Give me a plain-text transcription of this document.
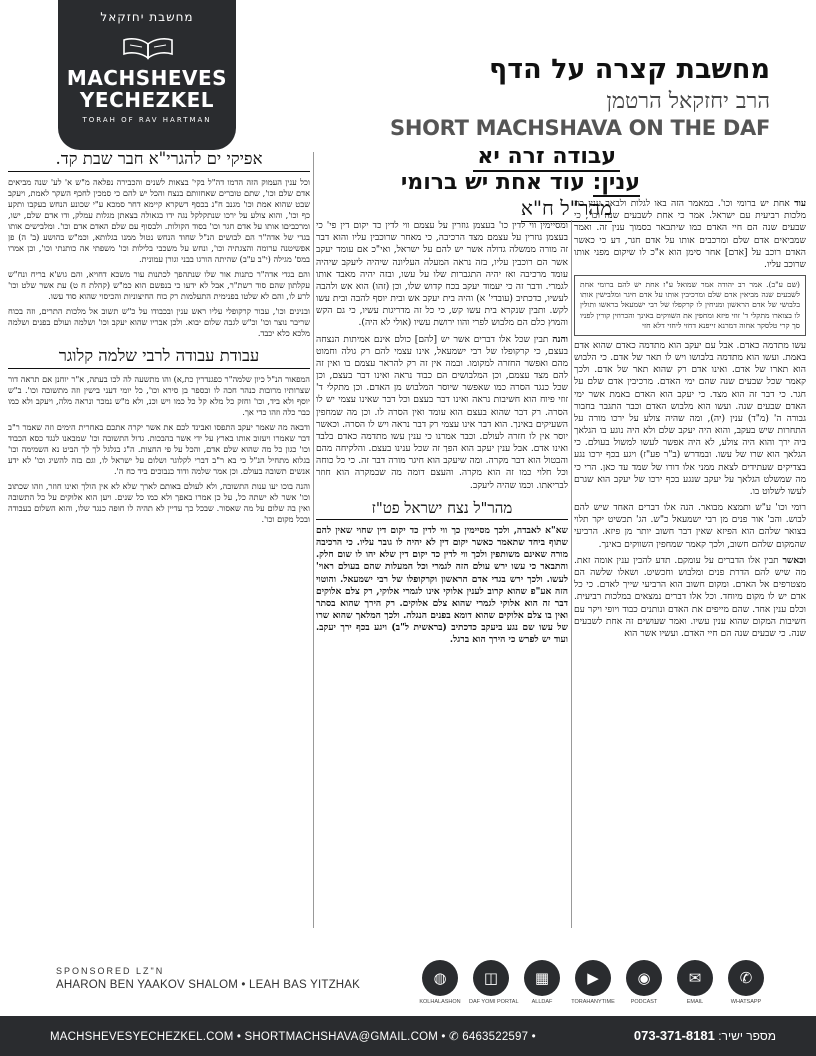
מחשבת יחזקאל
MACHSHEVES
YECHEZKEL
TORAH OF RAV HARTMAN
מחשבת קצרה על הדף
הרב יחזקאל הרטמן
SHORT MACHSHAVA ON THE DAF
עבודה זרה יא
ענין: עוד אחת יש ברומי
מהר"ל ח"א	עוד אחת יש ברומי וכו'. במאמר הזה באו לגלות ולבאר ענין כח מלכות רביעית עם ישראל. אמר כי אחת לשבעים שנה וכו', כי שבעים שנה הם חיי האדם כמו שיתבאר בסמוך ענין זה. ואמר שמביאים אדם שלם ומרכבים אותו על אדם חגר, דע כי כאשר האדם רוכב על [אדם] אחר סימן הוא א"כ לו שיקום מפני אותו שרוכב עליו.

(שם ע"ב). אמר רב יהודה אמר שמואל ע"ז אחת יש להם ברומי אחת לשבעים שנה מביאין אדם שלם ומרכיבין אותו על אדם חיגר ומלבישין אותו בלבושי של אדם הראשון ומניחין לו קרקפלו של רבי ישמעאל בראשו ותולין לו בצוארו מתקלי ד' זוזי פיזא ומחפין את השווקים באינך והכרוזין קורין לפניו סך קרי טלסקר אחוה דמרנא זייפנא דחזי ליחזי דלא חזי

עשו מתדמה כאדם. אבל עם יעקב הוא מתדמה כאדם שהוא אדם באמת. ועשו הוא מתדמה בלבושו ויש לו תאר של אדם. כי הלבוש הוא תארו של אדם. ואינו אדם רק שהוא תאר של אדם. ולכך קאמר שכל שבעים שנה שהם ימי האדם. מרכיבין אדם שלם על חגר. כי דבר זה הוא מצד. כי יעקב הוא האדם באמת אשר ימי האדם שבעים שנה. ועשו הוא מלבוש האדם וכבר התגבר בחבור גבורה ה' (מ"ד) ענין (יה), ומה שהיה צולע על ירכו מורה על התחרות שיש בעקב, והוא היה יעקב שלם ולא היה נוגע בו הגלאך ביה ירך והוא היה צולע, לא היה אפשר לעשו למשול בעולם. כי הגלאך הוא שרו של עשו. ובמדרש (ב"ר פע"ז) ויגע בכף ירכו נגע בצדיקים שעתידים לצאת ממני אלו דורו של שמד עד כאן. הרי כי מה שמשלט הגלאך על יעקב שנגע בכף ירכו של יעקב הוא שגרם לעשו לשלוט בו.

רומי וכו' ע"ש ותמצא מבואר. הנה אלו דברים האחד שיש להם לבוש. והב' אור פנים מן רבי ישמעאל כ"ש. הג' תכשיט יקר תלוי בצואר שלהם הוא הפיזא שאין דבר חשוב יותר מן פיזא. הרביעי שהמקום שלהם חשוב, ולכך קאמר שמחפין השווקים באינך.

וכאשר תבין אלו הדברים על עומקם. תדע להבין ענין אומה זאת. מה שיש להם הדרת פנים ומלבוש וחכשיט. ושאלו שלשה הם מצטרפים אל האדם. ומקום חשוב הוא הרביעי שייך לאדם. כי כל אדם יש לו מקום מיוחד. וכל אלו דברים נמצאים במלכות רביעית. וכלם ענין אחד. שהם מייפים את האדם ונותנים כבוד ויופי ויקר עם חשיבות המקום שהוא ענין עשיו. ואמר שעושים זה אחת לשבעים שנה. כי שבעים שנה הם חיי האדם. ועשיו אשר הוא

ומסיימין ווי לדין כו' בעצמן גוזרין על עצמם ווי לדין כד יקום דין פי' כי בעצמן גוזרין על עצמם מצד הרכיבה, כי מאחר שרוכבין עליו והוא דבר זה מורה ממשלה גדולה אשר יש להם על ישראל, ואי"כ אם עומד יעקב אשר הם רוכבין עליו, בזה נראה המעלה העליונה שיהיה ליעקב שיהיה עומד מרכיבה ואז יהיה התגברות שלו על עשו, ובזה יהיה מאבד אותו לגמרי. ודבר זה כי יעמוד יעקב בכח קדוש שלו, וכן (זהו) הוא אש ולהבה לעשיו, כדכתיב (עובדי' א) והיה בית יעקב אש ובית יוסף להבה ובית עשו לקש. ותבין שנקרא בית עשו קש, כי כל זה מדריגות עשיו, כי גם הקש והמוץ כלם הם מלבוש לפרי והוו ירושת עשיו (אולי לא היה).

והנה תבין שכל אלו דברים אשר יש [להם] כולם אינם אמיתות הנצחה בעצם, כי קרקופלו של רבי ישמעאל, אינו עצמי להם רק גולה וחמוט מהם ואפשר החזרה למקומו. ובמה אין זה רק להראר עצמם בו ואין זה להם מצד עצמם, וכן המלבושים הם כבוד נראה ואינו דבר בעצם, וכן שכל כנגד הסרה כמו שאפשר שיוסר המלבוש מן האדם. וכן מתקלי ד' זוזי פיוח הוא חשיבות נראה ואינו דבר בעצם וכל דבר שאינו עצמי יש לו הסרה. רק דבר שהוא בעצם הוא עומד ואין הסרה לו. וכן מה שמחפין השעיקים באינך. הוא דבר אינו עצמי רק דבר נראה ויש לו הסרה. וכאשר יוסר אין לו חזרה לעולם. וכבר אמרנו כי ענין עשו מתדמה כאדם בלבד ואינו אדם. אבל ענין יעקב הוא הפך זה שכל ענינו בעצם. והלקיחה מהם והבטול הוא דבר מקרה. ומה שיעקב הוא חיגר מורה דבר זה. כי כל כוחה וכל חלוי כמו זה הוא מקרה. והעצם דומה מה שבמקרה הוא חוזר לבריאתו. וכמו שהיה ליעקב.

מהר"ל נצח ישראל פט"ז

שא"א לאבדה, ולכך מסיימין כך ווי לדין כד יקום דין שחוי שאין להם שתוף ביחד שתאמר כאשר יקום דין לא יהיה לו גובר עליו. כי הרכיבה מורה שאינם משותפין ולכך ווי לדין כד יקום דין שלא יהו לו שום חלק. והתבאר כי עשו ירש עולם הזה לגמרי וכל המעלות שהם בעולם ראוי' לעשו. ולכך ירש בגדי אדם הראשון וקרקופלו של רבי ישמעאל. והוטוי הזה אע"פ שהוא קרוב לענין אלוקי אינו לגמרי אלוקי, רק צלם אלוקים דבר זה הוא אלוקי לגמרי שהוא צלם אלוקים. רק הירך שהוא בסתר ואין בו צלם אלוקים שהוא דומא בפנים הנגלה. ולכך המלאך שהוא שרו של עשו שם נגע ביעקב כדכתיב (בראשית ל"ב) ויגע בכף ירך יעקב. ועוד יש לפרש כי הירך הוא ברגל.

אפיקי ים להגרי"א חבר שבת קד.

וכל ענין העמוק הזה הדמו דה"ל בקי' בצאות לשנים והכבירה נפלאה מ"ש א' לע' שנה מביאים אדם שלם וכו', שתם טוברים שאחזותם בנצח והכל יש להם כי סמכין לחכף השקר לאמת, ויעקב שבט שהוא אמת וכו' מגנב ח"נ בכסף דשקרא קיימא דחר סמכא ע"י שכונע הנחש בעקבו ותקע כף וכו', והוא צולע על ירכו שנתקלקל נגה ידו בגאולה בצאתן מגלות עמלק, ודו אדם שלם, ישו, ומרכביםו אותו על אדם חגר וכו' בסוד הקולות. ולבסוף עם שלם האדם אדם וכו'. ומלבישים אותו בגדי של אדה"ר הם לבושים הנ"ל שחוד הנחש נטול ממנו בגלותא, וכמ"ש בהושע (ב' ה) פן אפשיטנה ערומה והצגתיה וכו', ונחש על משכבי בלילות וכו' משפתי אה כותנתי וכו', וכן אמרו במס' מגילה (י"ב ע"ב) שהיתה הורגו בבני וגורן עמונית.

והם בגדי אדה"ר כתנות אור שלו שנתהפך לכתנות עור משכא דחויא, והם גוש'א בריח ונח"ש עקלתון שהם סוד רשת"ר, אבל לא ידעו כי בנפשם הוא כמ"ש (קהלת ח ט) עת אשר שלט וכו' לרע לו, והם לא שלטו בפנימית התעלמות רק כוח החיצוניות והכיסוי שהוא סוד עשו.

ובנינים וכו', עבור קרקופלי עליו ראש ענין ובכבודו על כ"ש תשוב אל מלכות התרים, וזה בכוח שריבר נוצר וכו' וכ"ש לגבה שלום יבוא. ולכן אבריו שהוא יעקב וכו' ושלמה ועולם בפנים ושלמה מלכא כלא יכבד.

עבודת עבודה לרבי שלמה קלוגר

המפאור הנ"ל כיון שלמה"ר כפגנדרין כת,א) והו מתשעה לה לכו בעתה, א"ר יוחנן אם תראה דור שצרותיו מרובות כנהר חכה לו ובספר בן סירא וכו', כל יומי דעני בישין וזה מתשובה וכו'. ב"ש יוסף ולא ביד, וכו' וחזק כל מלא קל כל כמו ויש וכנ, ולא מ"ש נמכר ונראה מלה, ויעקב ולא כמו כבר כלה וזהו כדי אך.

ודבאה מה שאמר יעקב התפסו ואבינד לכם את אשר יקרה אתכם באחרית הימים וזה שאמר ר"ב דבר שאמרו ויעזוב אותו בארץ על ידי אשר בהבכות. גדול התשובה וכו' שמבאנו לנגד כסא הכבוד וכו' כגון כל מה שהוא שלם אדם, והכל על פי החצות. ה"ג בגלגל לך לך הביט נא השמימה וכו' בגלוא מתחיל הנ"ל כי בא ר"ב דברי לקלוגר ושלום על ישראל לו, וגם בזה להשיג וכו' לא ידע אנשים תשובה בעולם. וכן אמר שלמה ודוד כנבוכים ביד כח ה'.

והנה בוכו יעו ענות התשובה, ולא לעולם באותם לארך שלא לא אין הולך ואינו חוזר, וזהו שכתוב וכו' אשר לא ישתה כל, על כן אמרו באפך ולא כמו כל שנים. ויען הוא אלוקים על כל התשובה ואין בה שלום על מה שאסור. שבכל כך עדיין לא תהיה לו חופה כנגד שלו, והוא השלום בעבודה ובכל מקום וכו'.

SPONSORED LZ"N
AHARON BEN YAAKOV SHALOM • LEAH BAS YITZHAK	✆
WHATSAPP
✉
EMAIL
◉
PODCAST
▶
TORAHANYTIME
▦
ALLDAF
◫
DAF YOMI PORTAL
◍
KOLHALASHON
MACHSHEVESYECHEZKEL.COM • SHORTMACHSHAVA@GMAIL.COM • ✆ 6463522597 •	מספר ישיר: 073-371-8181
